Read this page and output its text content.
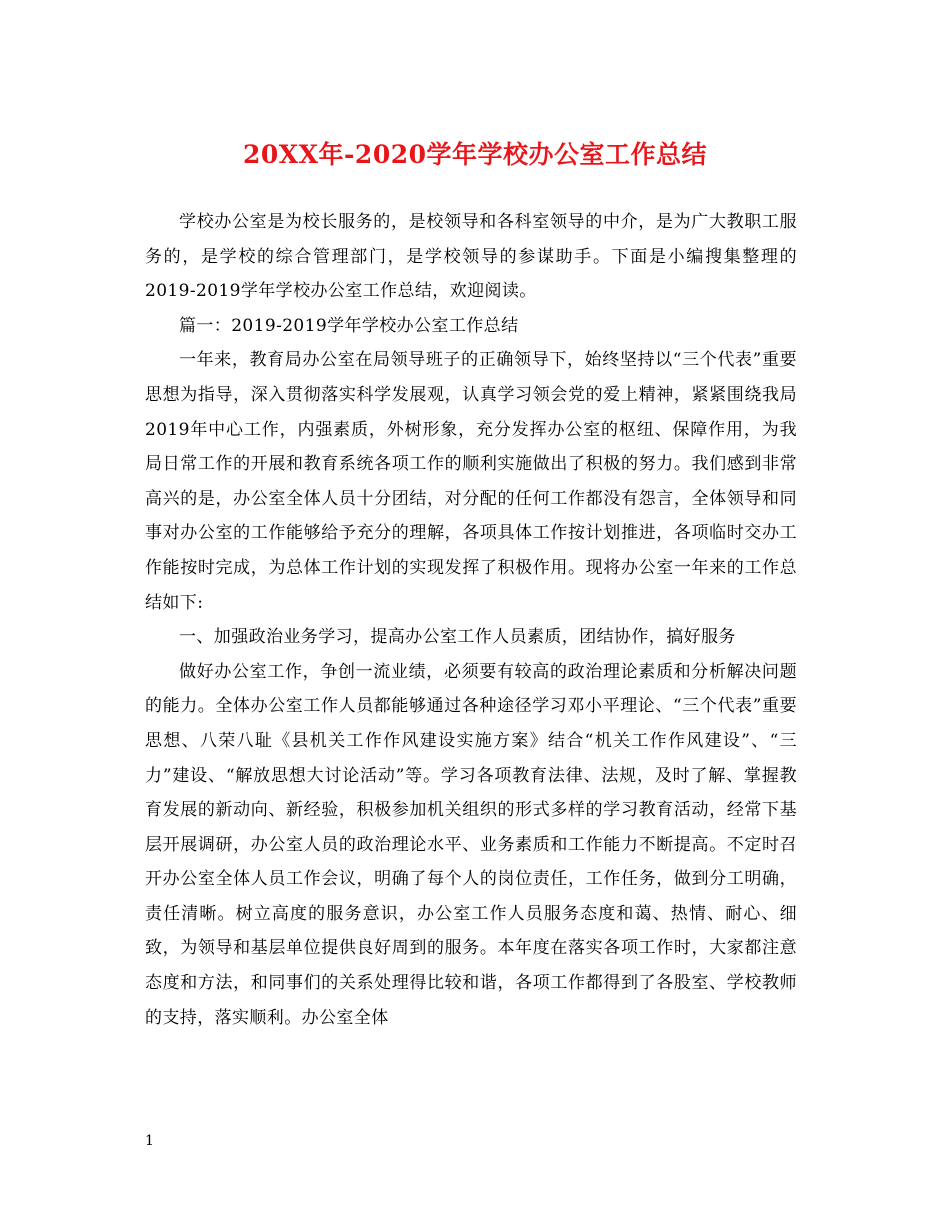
20XX年-2020学年学校办公室工作总结

学校办公室是为校长服务的，是校领导和各科室领导的中介，是为广大教职工服务的，是学校的综合管理部门，是学校领导的参谋助手。下面是小编搜集整理的2019-2019学年学校办公室工作总结，欢迎阅读。

篇一：2019-2019学年学校办公室工作总结

一年来，教育局办公室在局领导班子的正确领导下，始终坚持以“三个代表”重要思想为指导，深入贯彻落实科学发展观，认真学习领会党的爱上精神，紧紧围绕我局2019年中心工作，内强素质，外树形象，充分发挥办公室的枢纽、保障作用，为我局日常工作的开展和教育系统各项工作的顺利实施做出了积极的努力。我们感到非常高兴的是，办公室全体人员十分团结，对分配的任何工作都没有怨言，全体领导和同事对办公室的工作能够给予充分的理解，各项具体工作按计划推进，各项临时交办工作能按时完成，为总体工作计划的实现发挥了积极作用。现将办公室一年来的工作总结如下:

一、加强政治业务学习，提高办公室工作人员素质，团结协作，搞好服务

做好办公室工作，争创一流业绩，必须要有较高的政治理论素质和分析解决问题的能力。全体办公室工作人员都能够通过各种途径学习邓小平理论、“三个代表”重要思想、八荣八耻《县机关工作作风建设实施方案》结合“机关工作作风建设”、“三力”建设、“解放思想大讨论活动”等。学习各项教育法律、法规，及时了解、掌握教育发展的新动向、新经验，积极参加机关组织的形式多样的学习教育活动，经常下基层开展调研，办公室人员的政治理论水平、业务素质和工作能力不断提高。不定时召开办公室全体人员工作会议，明确了每个人的岗位责任，工作任务，做到分工明确，责任清晰。树立高度的服务意识，办公室工作人员服务态度和蔼、热情、耐心、细致，为领导和基层单位提供良好周到的服务。本年度在落实各项工作时，大家都注意态度和方法，和同事们的关系处理得比较和谐，各项工作都得到了各股室、学校教师的支持，落实顺利。办公室全体

1
